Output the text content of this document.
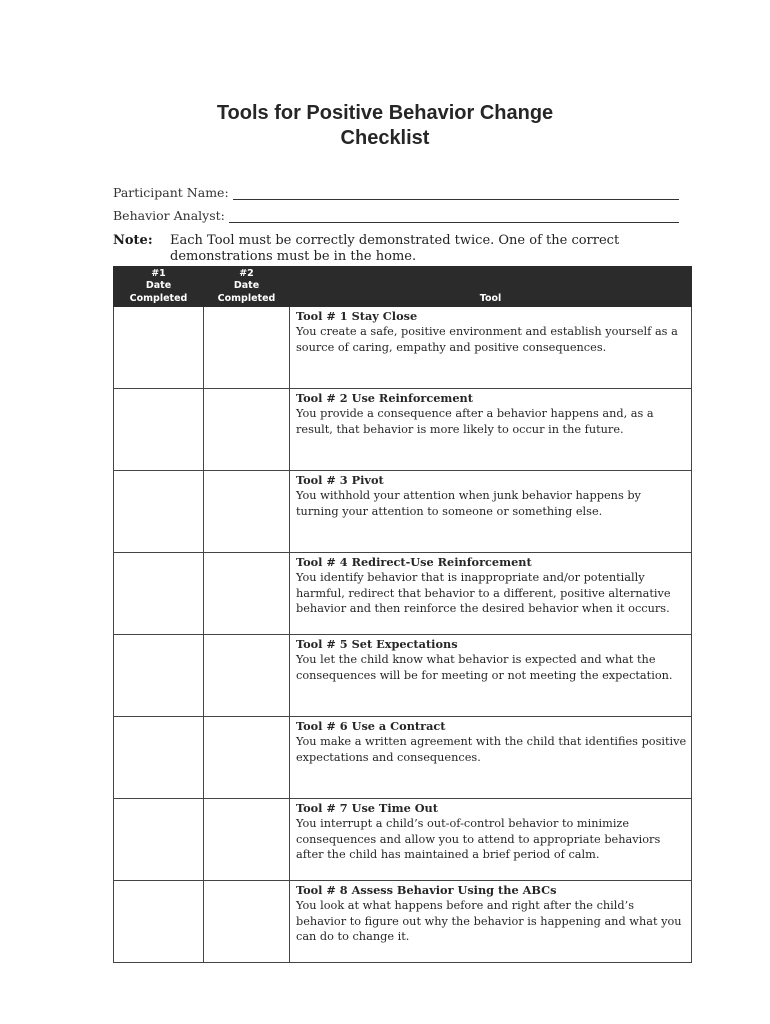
Tools for Positive Behavior Change
Checklist
Participant Name:
Behavior Analyst:
Note: Each Tool must be correctly demonstrated twice. One of the correct demonstrations must be in the home.
#1
Date
Completed	#2
Date
Completed	Tool

		Tool # 1 Stay Close
You create a safe, positive environment and establish yourself as a source of caring, empathy and positive consequences.

		Tool # 2 Use Reinforcement
You provide a consequence after a behavior happens and, as a result, that behavior is more likely to occur in the future.

		Tool # 3 Pivot
You withhold your attention when junk behavior happens by turning your attention to someone or something else.

		Tool # 4 Redirect-Use Reinforcement
You identify behavior that is inappropriate and/or potentially harmful, redirect that behavior to a different, positive alternative behavior and then reinforce the desired behavior when it occurs.

		Tool # 5 Set Expectations
You let the child know what behavior is expected and what the consequences will be for meeting or not meeting the expectation.

		Tool # 6 Use a Contract
You make a written agreement with the child that identifies positive expectations and consequences.

		Tool # 7 Use Time Out
You interrupt a child’s out-of-control behavior to minimize consequences and allow you to attend to appropriate behaviors after the child has maintained a brief period of calm.

		Tool # 8 Assess Behavior Using the ABCs
You look at what happens before and right after the child’s behavior to figure out why the behavior is happening and what you can do to change it.
